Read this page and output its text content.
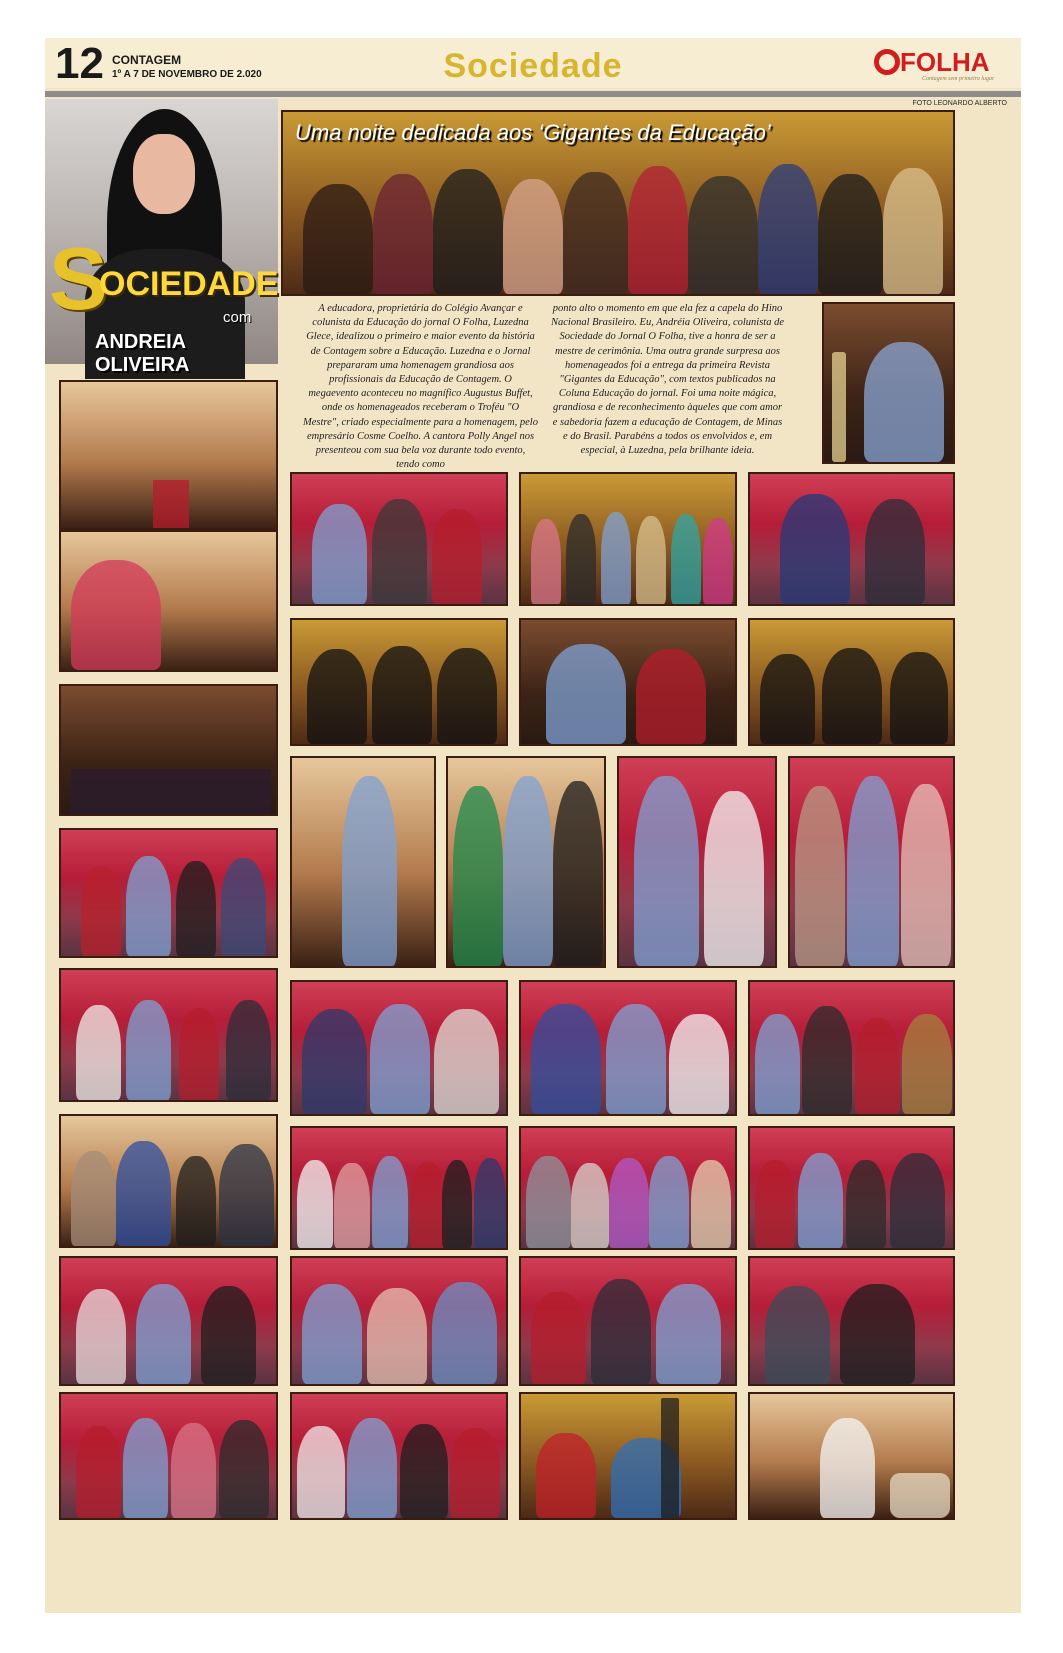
12 CONTAGEM
1º A 7 DE NOVEMBRO DE 2.020	Sociedade	FOLHA
Contagem sem primeiro lugar
S
OCIEDADE
com
ANDREIA OLIVEIRA
FOTO LEONARDO ALBERTO
Uma noite dedicada aos ‘Gigantes da Educação’
A educadora, proprietária do Colégio Avançar e colunista da Educação do jornal O Folha, Luzedna Glece, idealizou o primeiro e maior evento da história de Contagem sobre a Educação. Luzedna e o Jornal prepararam uma homenagem grandiosa aos profissionais da Educação de Contagem. O megaevento aconteceu no magnífico Augustus Buffet, onde os homenageados receberam o Troféu "O Mestre", criado especialmente para a homenagem, pelo empresário Cosme Coelho. A cantora Polly Angel nos presenteou com sua bela voz durante todo evento, tendo como
ponto alto o momento em que ela fez a capela do Hino Nacional Brasileiro. Eu, Andréia Oliveira, colunista de Sociedade do Jornal O Folha, tive a honra de ser a mestre de cerimônia. Uma outra grande surpresa aos homenageados foi a entrega da primeira Revista "Gigantes da Educação", com textos publicados na Coluna Educação do jornal. Foi uma noite mágica, grandiosa e de reconhecimento àqueles que com amor e sabedoria fazem a educação de Contagem, de Minas e do Brasil. Parabéns a todos os envolvidos e, em especial, à Luzedna, pela brilhante ideia.
